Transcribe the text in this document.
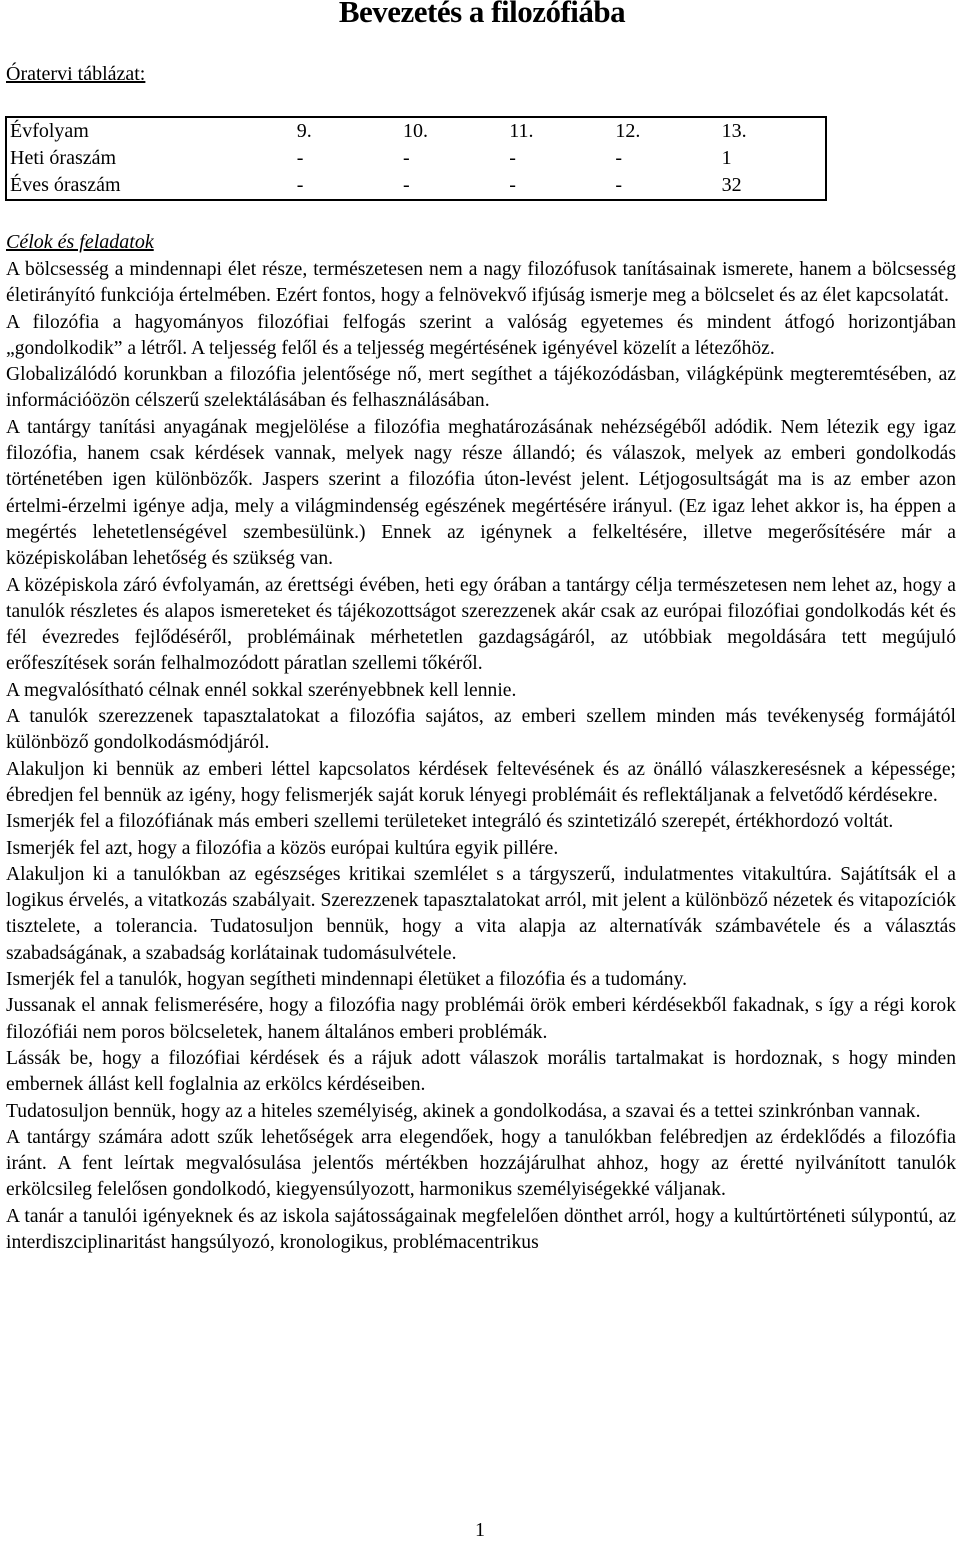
Bevezetés a filozófiába

Óratervi táblázat:

Évfolyam	9.	10.	11.	12.	13.
Heti óraszám	-	-	-	-	1
Éves óraszám	-	-	-	-	32

Célok és feladatok

A bölcsesség a mindennapi élet része, természetesen nem a nagy filozófusok tanításainak ismerete, hanem a bölcsesség életirányító funkciója értelmében. Ezért fontos, hogy a felnövekvő ifjúság ismerje meg a bölcselet és az élet kapcsolatát.

A filozófia a hagyományos filozófiai felfogás szerint a valóság egyetemes és mindent átfogó horizontjában „gondolkodik” a létről. A teljesség felől és a teljesség megértésének igényével közelít a létezőhöz.

Globalizálódó korunkban a filozófia jelentősége nő, mert segíthet a tájékozódásban, világképünk megteremtésében, az információözön célszerű szelektálásában és felhasználásában.

A tantárgy tanítási anyagának megjelölése a filozófia meghatározásának nehézségéből adódik. Nem létezik egy igaz filozófia, hanem csak kérdések vannak, melyek nagy része állandó; és válaszok, melyek az emberi gondolkodás történetében igen különbözők. Jaspers szerint a filozófia úton-levést jelent. Létjogosultságát ma is az ember azon értelmi-érzelmi igénye adja, mely a világmindenség egészének megértésére irányul. (Ez igaz lehet akkor is, ha éppen a megértés lehetetlenségével szembesülünk.) Ennek az igénynek a felkeltésére, illetve megerősítésére már a középiskolában lehetőség és szükség van.

A középiskola záró évfolyamán, az érettségi évében, heti egy órában a tantárgy célja természetesen nem lehet az, hogy a tanulók részletes és alapos ismereteket és tájékozottságot szerezzenek akár csak az európai filozófiai gondolkodás két és fél évezredes fejlődéséről, problémáinak mérhetetlen gazdagságáról, az utóbbiak megoldására tett megújuló erőfeszítések során felhalmozódott páratlan szellemi tőkéről.

A megvalósítható célnak ennél sokkal szerényebbnek kell lennie.

A tanulók szerezzenek tapasztalatokat a filozófia sajátos, az emberi szellem minden más tevékenység formájától különböző gondolkodásmódjáról.

Alakuljon ki bennük az emberi léttel kapcsolatos kérdések feltevésének és az önálló válaszkeresésnek a képessége; ébredjen fel bennük az igény, hogy felismerjék saját koruk lényegi problémáit és reflektáljanak a felvetődő kérdésekre.

Ismerjék fel a filozófiának más emberi szellemi területeket integráló és szintetizáló szerepét, értékhordozó voltát.

Ismerjék fel azt, hogy a filozófia a közös európai kultúra egyik pillére.

Alakuljon ki a tanulókban az egészséges kritikai szemlélet s a tárgyszerű, indulatmentes vitakultúra. Sajátítsák el a logikus érvelés, a vitatkozás szabályait. Szerezzenek tapasztalatokat arról, mit jelent a különböző nézetek és vitapozíciók tisztelete, a tolerancia. Tudatosuljon bennük, hogy a vita alapja az alternatívák számbavétele és a választás szabadságának, a szabadság korlátainak tudomásulvétele.

Ismerjék fel a tanulók, hogyan segítheti mindennapi életüket a filozófia és a tudomány.

Jussanak el annak felismerésére, hogy a filozófia nagy problémái örök emberi kérdésekből fakadnak, s így a régi korok filozófiái nem poros bölcseletek, hanem általános emberi problémák.

Lássák be, hogy a filozófiai kérdések és a rájuk adott válaszok morális tartalmakat is hordoznak, s hogy minden embernek állást kell foglalnia az erkölcs kérdéseiben.

Tudatosuljon bennük, hogy az a hiteles személyiség, akinek a gondolkodása, a szavai és a tettei szinkrónban vannak.

A tantárgy számára adott szűk lehetőségek arra elegendőek, hogy a tanulókban felébredjen az érdeklődés a filozófia iránt. A fent leírtak megvalósulása jelentős mértékben hozzájárulhat ahhoz, hogy az éretté nyilvánított tanulók erkölcsileg felelősen gondolkodó, kiegyensúlyozott, harmonikus személyiségekké váljanak.

A tanár a tanulói igényeknek és az iskola sajátosságainak megfelelően dönthet arról, hogy a kultúrtörténeti súlypontú, az interdiszciplinaritást hangsúlyozó, kronologikus, problémacentrikus

1
